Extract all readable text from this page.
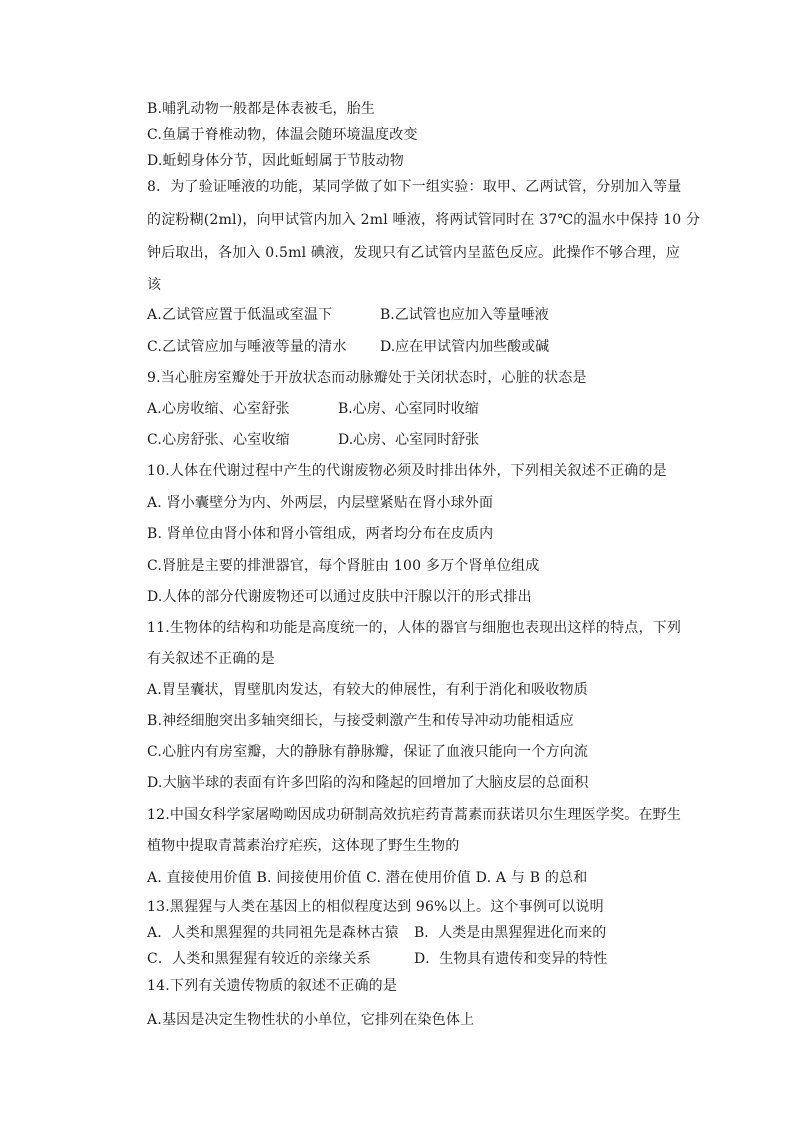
B.哺乳动物一般都是体表被毛，胎生
C.鱼属于脊椎动物，体温会随环境温度改变
D.蚯蚓身体分节，因此蚯蚓属于节肢动物
8．为了验证唾液的功能，某同学做了如下一组实验：取甲、乙两试管，分别加入等量
的淀粉糊(2ml)，向甲试管内加入 2ml 唾液，将两试管同时在 37℃的温水中保持 10 分
钟后取出，各加入 0.5ml 碘液，发现只有乙试管内呈蓝色反应。此操作不够合理，应
该
A.乙试管应置于低温或室温下	B.乙试管也应加入等量唾液
C.乙试管应加与唾液等量的清水 D.应在甲试管内加些酸或碱
9.当心脏房室瓣处于开放状态而动脉瓣处于关闭状态时，心脏的状态是
A.心房收缩、心室舒张	B.心房、心室同时收缩
C.心房舒张、心室收缩	D.心房、心室同时舒张
10.人体在代谢过程中产生的代谢废物必须及时排出体外，下列相关叙述不正确的是
A. 肾小囊壁分为内、外两层，内层壁紧贴在肾小球外面
B. 肾单位由肾小体和肾小管组成，两者均分布在皮质内
C.肾脏是主要的排泄器官，每个肾脏由 100 多万个肾单位组成
D.人体的部分代谢废物还可以通过皮肤中汗腺以汗的形式排出
11.生物体的结构和功能是高度统一的，人体的器官与细胞也表现出这样的特点，下列
有关叙述不正确的是
A.胃呈囊状，胃壁肌肉发达，有较大的伸展性，有利于消化和吸收物质
B.神经细胞突出多轴突细长，与接受刺激产生和传导冲动功能相适应
C.心脏内有房室瓣，大的静脉有静脉瓣，保证了血液只能向一个方向流
D.大脑半球的表面有许多凹陷的沟和隆起的回增加了大脑皮层的总面积
12.中国女科学家屠呦呦因成功研制高效抗疟药青蒿素而获诺贝尔生理医学奖。在野生
植物中提取青蒿素治疗疟疾，这体现了野生生物的
A. 直接使用价值 B. 间接使用价值 C. 潜在使用价值 D. A 与 B 的总和
13.黑猩猩与人类在基因上的相似程度达到 96%以上。这个事例可以说明
A．人类和黑猩猩的共同祖先是森林古猿 B．人类是由黑猩猩进化而来的
C．人类和黑猩猩有较近的亲缘关系	D．生物具有遗传和变异的特性
14.下列有关遗传物质的叙述不正确的是
A.基因是决定生物性状的小单位，它排列在染色体上
